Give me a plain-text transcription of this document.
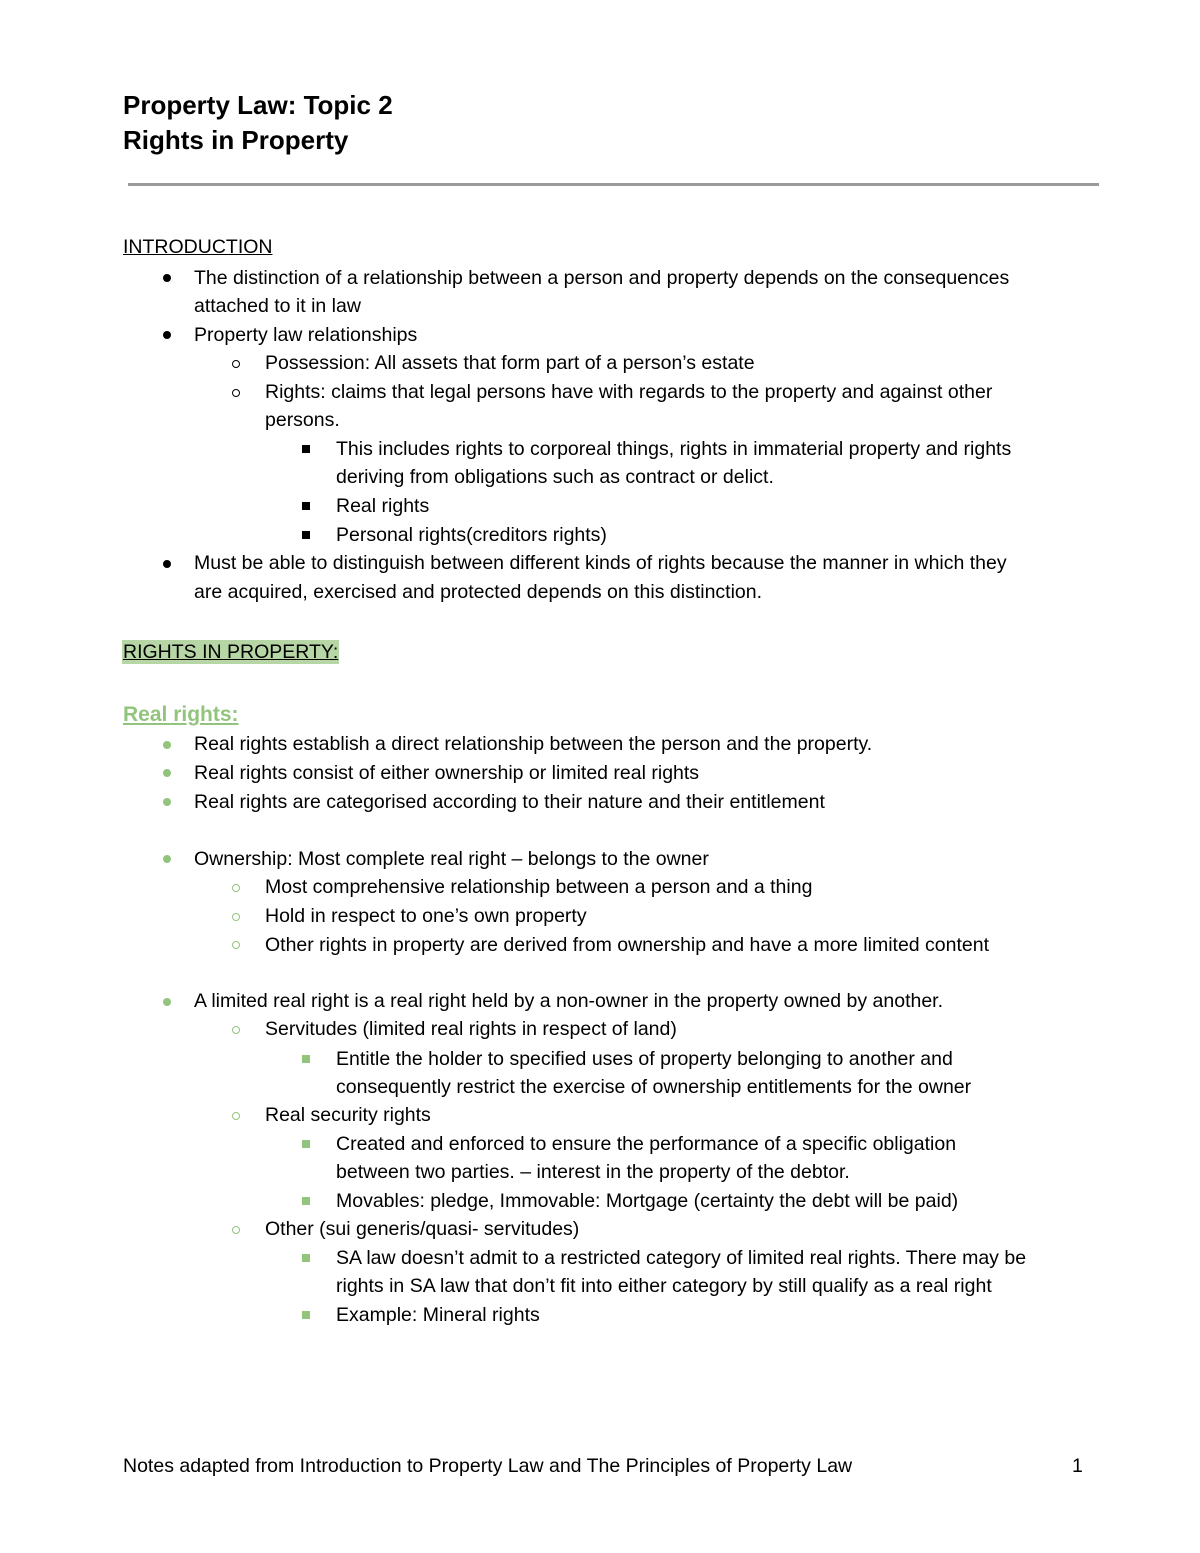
Property Law: Topic 2
Rights in Property
INTRODUCTION
The distinction of a relationship between a person and property depends on the consequences
attached to it in law
Property law relationships
Possession: All assets that form part of a person’s estate
Rights: claims that legal persons have with regards to the property and against other
persons.
This includes rights to corporeal things, rights in immaterial property and rights
deriving from obligations such as contract or delict.
Real rights
Personal rights(creditors rights)
Must be able to distinguish between different kinds of rights because the manner in which they
are acquired, exercised and protected depends on this distinction.
RIGHTS IN PROPERTY:
Real rights:
Real rights establish a direct relationship between the person and the property.
Real rights consist of either ownership or limited real rights
Real rights are categorised according to their nature and their entitlement
Ownership: Most complete real right – belongs to the owner
Most comprehensive relationship between a person and a thing
Hold in respect to one’s own property
Other rights in property are derived from ownership and have a more limited content
A limited real right is a real right held by a non-owner in the property owned by another.
Servitudes (limited real rights in respect of land)
Entitle the holder to specified uses of property belonging to another and
consequently restrict the exercise of ownership entitlements for the owner
Real security rights
Created and enforced to ensure the performance of a specific obligation
between two parties. – interest in the property of the debtor.
Movables: pledge, Immovable: Mortgage (certainty the debt will be paid)
Other (sui generis/quasi- servitudes)
SA law doesn’t admit to a restricted category of limited real rights. There may be
rights in SA law that don’t fit into either category by still qualify as a real right
Example: Mineral rights
Notes adapted from Introduction to Property Law and The Principles of Property Law	1
